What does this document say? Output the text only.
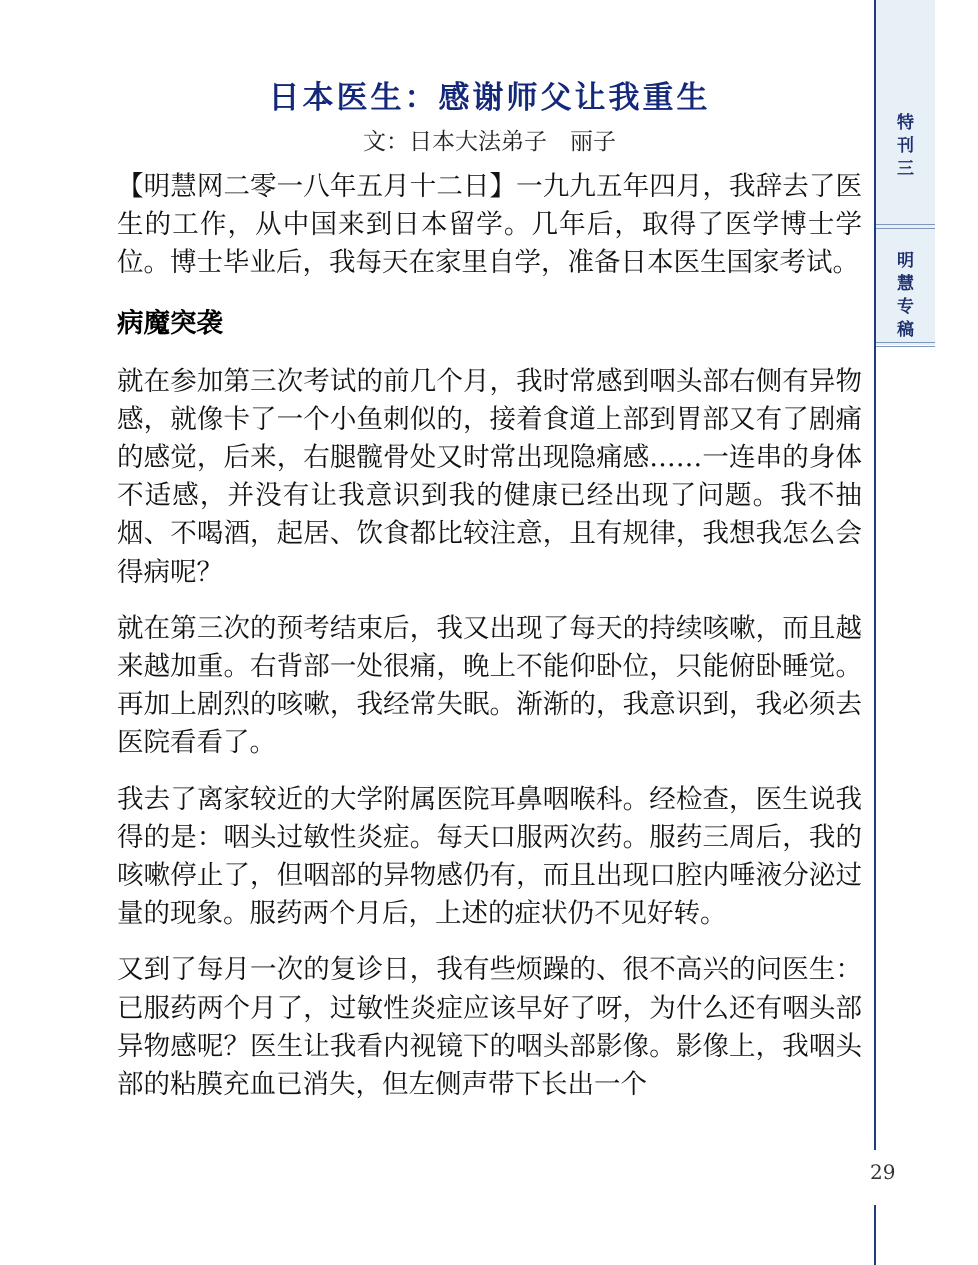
日本医生：感谢师父让我重生

文：日本大法弟子　丽子

【明慧网二零一八年五月十二日】一九九五年四月，我辞去了医生的工作，从中国来到日本留学。几年后，取得了医学博士学位。博士毕业后，我每天在家里自学，准备日本医生国家考试。

病魔突袭

就在参加第三次考试的前几个月，我时常感到咽头部右侧有异物感，就像卡了一个小鱼刺似的，接着食道上部到胃部又有了剧痛的感觉，后来，右腿髋骨处又时常出现隐痛感……一连串的身体不适感，并没有让我意识到我的健康已经出现了问题。我不抽烟、不喝酒，起居、饮食都比较注意，且有规律，我想我怎么会得病呢？

就在第三次的预考结束后，我又出现了每天的持续咳嗽，而且越来越加重。右背部一处很痛，晚上不能仰卧位，只能俯卧睡觉。再加上剧烈的咳嗽，我经常失眠。渐渐的，我意识到，我必须去医院看看了。

我去了离家较近的大学附属医院耳鼻咽喉科。经检查，医生说我得的是：咽头过敏性炎症。每天口服两次药。服药三周后，我的咳嗽停止了，但咽部的异物感仍有，而且出现口腔内唾液分泌过量的现象。服药两个月后，上述的症状仍不见好转。

又到了每月一次的复诊日，我有些烦躁的、很不高兴的问医生：已服药两个月了，过敏性炎症应该早好了呀，为什么还有咽头部异物感呢？医生让我看内视镜下的咽头部影像。影像上，我咽头部的粘膜充血已消失，但左侧声带下长出一个

特
刊
三
明
慧
专
稿
29
